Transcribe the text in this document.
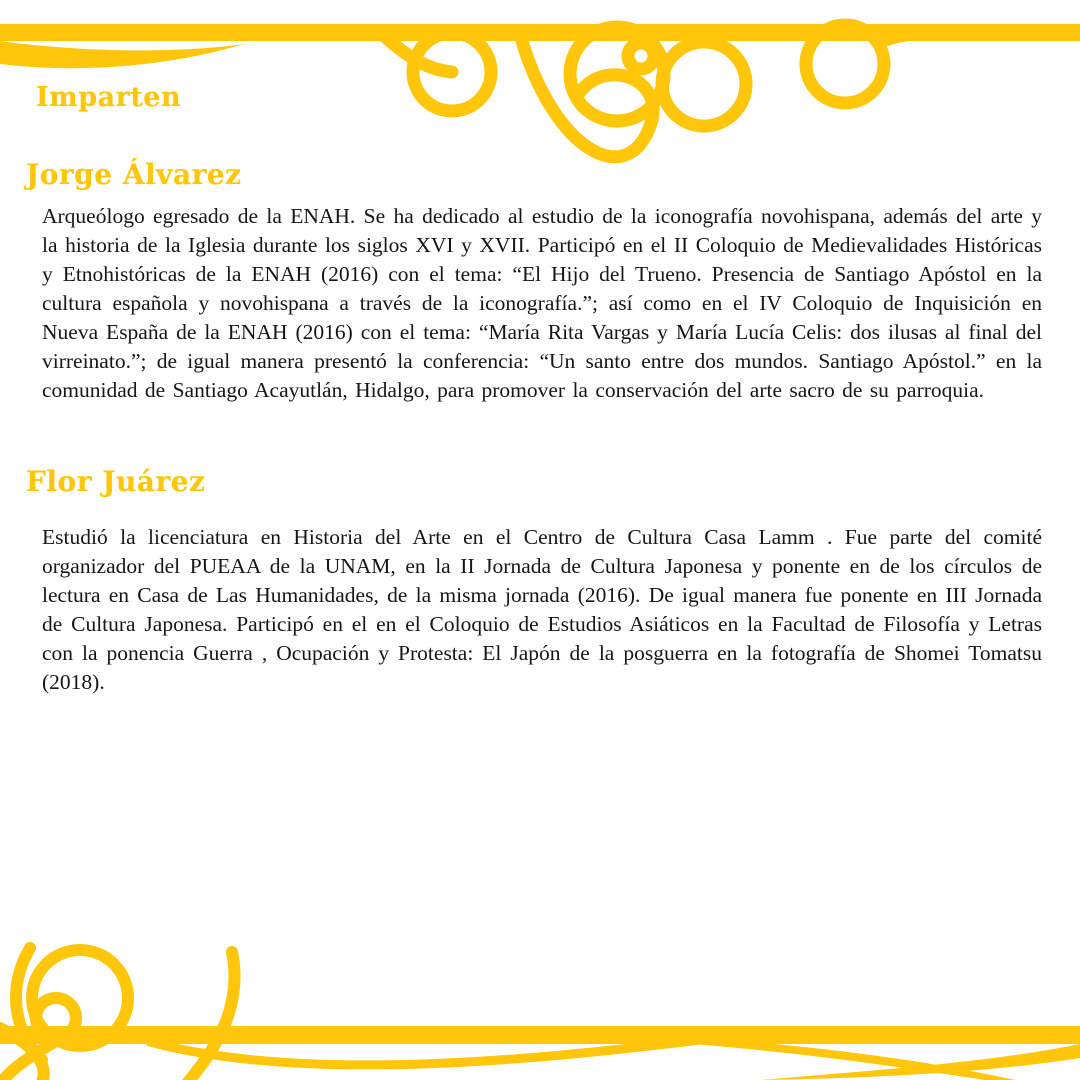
Imparten
Jorge Álvarez

Arqueólogo egresado de la ENAH. Se ha dedicado al estudio de la iconografía novohispana, además del arte y la historia de la Iglesia durante los siglos XVI y XVII. Participó en el II Coloquio de Medievalidades Históricas y Etnohistóricas de la ENAH (2016) con el tema: “El Hijo del Trueno. Presencia de Santiago Apóstol en la cultura española y novohispana a través de la iconografía.”; así como en el IV Coloquio de Inquisición en Nueva España de la ENAH (2016) con el tema: “María Rita Vargas y María Lucía Celis: dos ilusas al final del virreinato.”; de igual manera presentó la conferencia: “Un santo entre dos mundos. Santiago Apóstol.” en la comunidad de Santiago Acayutlán, Hidalgo, para promover la conservación del arte sacro de su parroquia.

Flor Juárez

Estudió la licenciatura en Historia del Arte en el Centro de Cultura Casa Lamm . Fue parte del comité organizador del PUEAA de la UNAM, en la II Jornada de Cultura Japonesa y ponente en de los círculos de lectura en Casa de Las Humanidades, de la misma jornada (2016). De igual manera fue ponente en III Jornada de Cultura Japonesa. Participó en el en el Coloquio de Estudios Asiáticos en la Facultad de Filosofía y Letras con la ponencia Guerra , Ocupación y Protesta: El Japón de la posguerra en la fotografía de Shomei Tomatsu (2018).
